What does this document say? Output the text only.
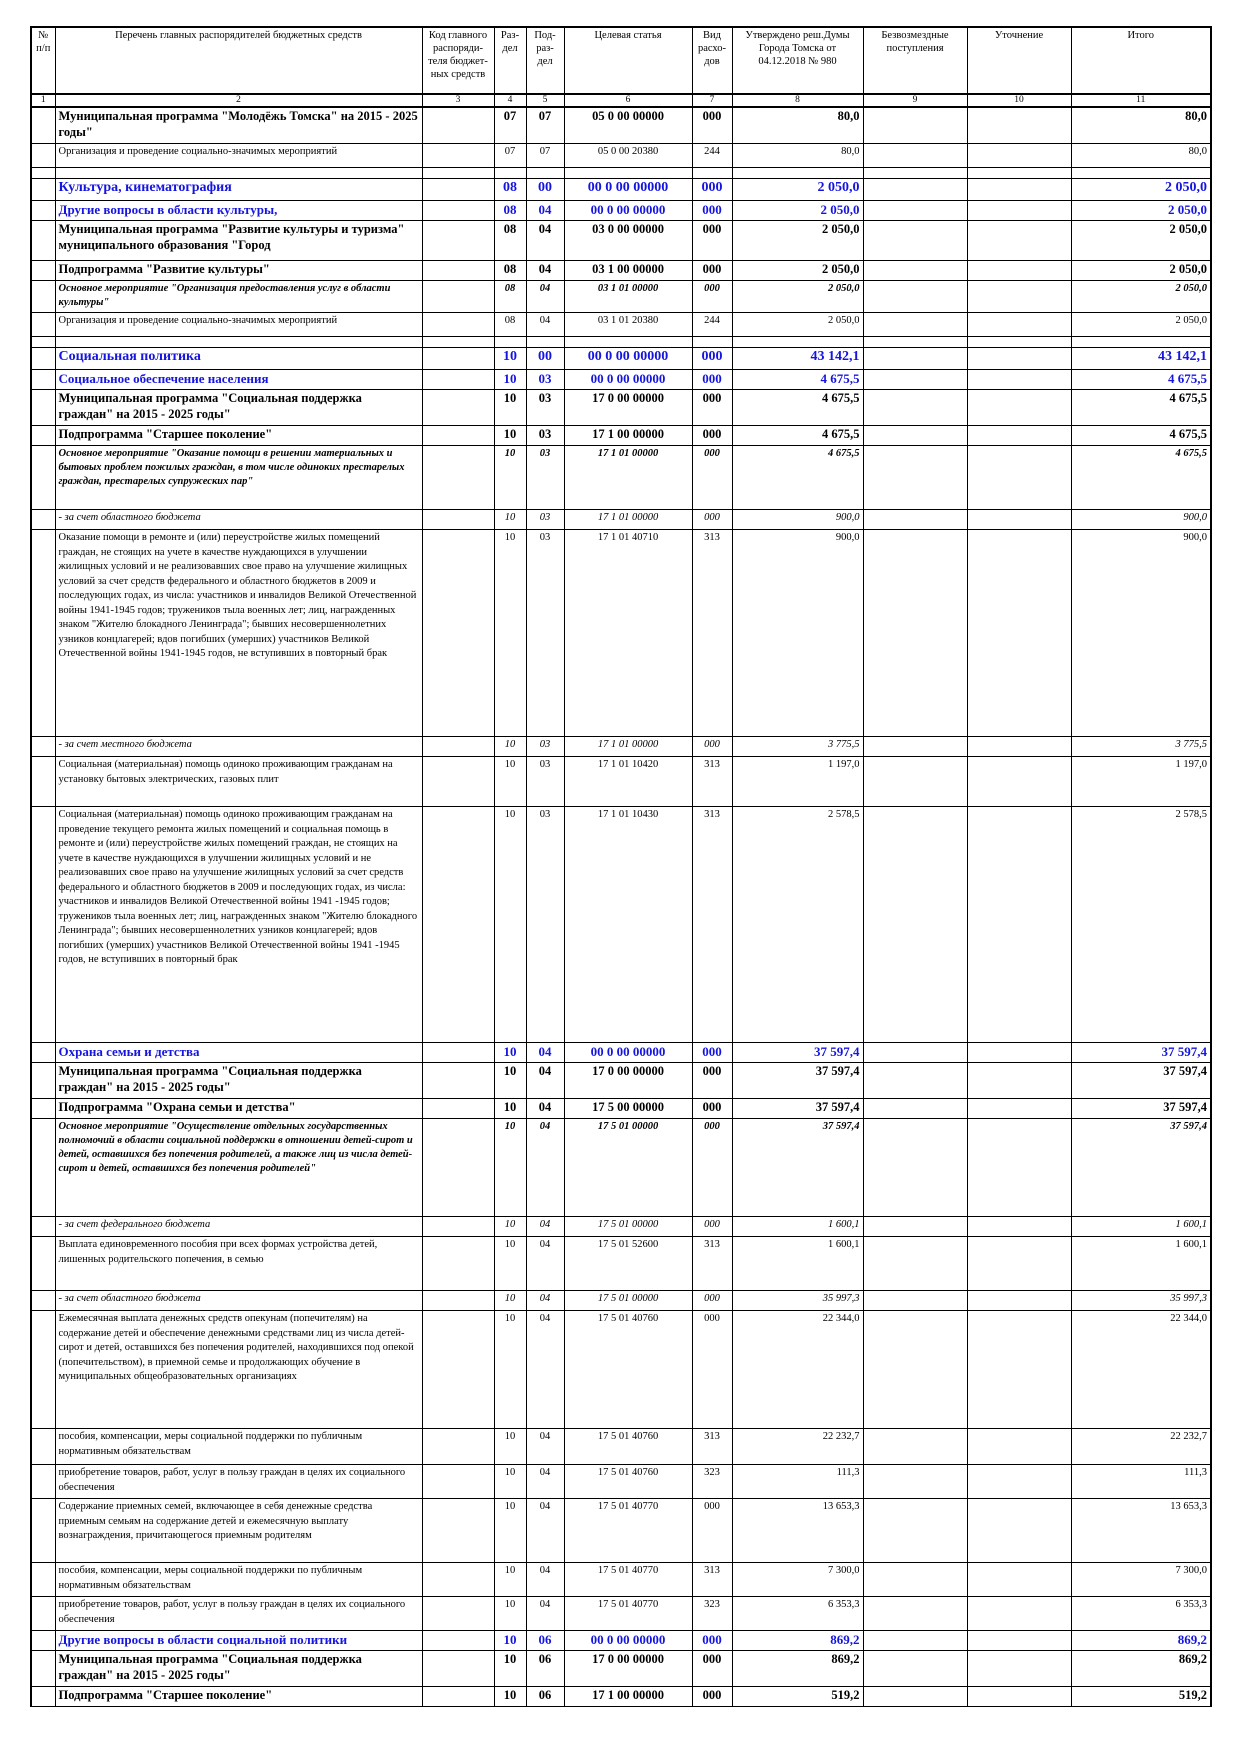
№ п/п	Перечень главных распорядителей бюджетных средств	Код главного распоряди-теля бюджет-ных средств	Раз-дел	Под-раз-дел	Целевая статья	Вид расхо-дов	Утверждено реш.Думы Города Томска от 04.12.2018 № 980	Безвозмездные поступления	Уточнение	Итого
1	2	3	4	5	6	7	8	9	10	11
	Муниципальная программа "Молодёжь Томска" на 2015 - 2025 годы"		07	07	05 0 00 00000	000	80,0			80,0
	Организация и проведение социально-значимых мероприятий		07	07	05 0 00 20380	244	80,0			80,0

	Культура, кинематография		08	00	00 0 00 00000	000	2 050,0			2 050,0
	Другие вопросы в области культуры,		08	04	00 0 00 00000	000	2 050,0			2 050,0
	Муниципальная программа "Развитие культуры и туризма" муниципального образования "Город		08	04	03 0 00 00000	000	2 050,0			2 050,0
	Подпрограмма "Развитие культуры"		08	04	03 1 00 00000	000	2 050,0			2 050,0
	Основное мероприятие "Организация предоставления услуг в области культуры"		08	04	03 1 01 00000	000	2 050,0			2 050,0
	Организация и проведение социально-значимых мероприятий		08	04	03 1 01 20380	244	2 050,0			2 050,0

	Социальная политика		10	00	00 0 00 00000	000	43 142,1			43 142,1
	Социальное обеспечение населения		10	03	00 0 00 00000	000	4 675,5			4 675,5
	Муниципальная программа "Социальная поддержка граждан" на 2015 - 2025 годы"		10	03	17 0 00 00000	000	4 675,5			4 675,5
	Подпрограмма "Старшее поколение"		10	03	17 1 00 00000	000	4 675,5			4 675,5
	Основное мероприятие "Оказание помощи в решении материальных и бытовых проблем пожилых граждан, в том числе одиноких престарелых граждан, престарелых супружеских пар"		10	03	17 1 01 00000	000	4 675,5			4 675,5
	- за счет областного бюджета		10	03	17 1 01 00000	000	900,0			900,0
	Оказание помощи в ремонте и (или) переустройстве жилых помещений граждан, не стоящих на учете в качестве нуждающихся в улучшении жилищных условий и не реализовавших свое право на улучшение жилищных условий за счет средств федерального и областного бюджетов в 2009 и последующих годах, из числа: участников и инвалидов Великой Отечественной войны 1941-1945 годов; тружеников тыла военных лет; лиц, награжденных знаком "Жителю блокадного Ленинграда"; бывших несовершеннолетних узников концлагерей; вдов погибших (умерших) участников Великой Отечественной войны 1941-1945 годов, не вступивших в повторный брак		10	03	17 1 01 40710	313	900,0			900,0
	- за счет местного бюджета		10	03	17 1 01 00000	000	3 775,5			3 775,5
	Социальная (материальная) помощь одиноко проживающим гражданам на установку бытовых электрических, газовых плит		10	03	17 1 01 10420	313	1 197,0			1 197,0
	Социальная (материальная) помощь одиноко проживающим гражданам на проведение текущего ремонта жилых помещений и социальная помощь в ремонте и (или) переустройстве жилых помещений граждан, не стоящих на учете в качестве нуждающихся в улучшении жилищных условий и не реализовавших свое право на улучшение жилищных условий за счет средств федерального и областного бюджетов в 2009 и последующих годах, из числа: участников и инвалидов Великой Отечественной войны 1941 -1945 годов; тружеников тыла военных лет; лиц, награжденных знаком "Жителю блокадного Ленинграда"; бывших несовершеннолетних узников концлагерей; вдов погибших (умерших) участников Великой Отечественной войны 1941 -1945 годов, не вступивших в повторный брак		10	03	17 1 01 10430	313	2 578,5			2 578,5
	Охрана семьи и детства		10	04	00 0 00 00000	000	37 597,4			37 597,4
	Муниципальная программа "Социальная поддержка граждан" на 2015 - 2025 годы"		10	04	17 0 00 00000	000	37 597,4			37 597,4
	Подпрограмма "Охрана семьи и детства"		10	04	17 5 00 00000	000	37 597,4			37 597,4
	Основное мероприятие "Осуществление отдельных государственных полномочий в области социальной поддержки в отношении детей-сирот и детей, оставшихся без попечения родителей, а также лиц из числа детей-сирот и детей, оставшихся без попечения родителей"		10	04	17 5 01 00000	000	37 597,4			37 597,4
	- за счет федерального бюджета		10	04	17 5 01 00000	000	1 600,1			1 600,1
	Выплата единовременного пособия при всех формах устройства детей, лишенных родительского попечения, в семью		10	04	17 5 01 52600	313	1 600,1			1 600,1
	- за счет областного бюджета		10	04	17 5 01 00000	000	35 997,3			35 997,3
	Ежемесячная выплата денежных средств опекунам (попечителям) на содержание детей и обеспечение денежными средствами лиц из числа детей-сирот и детей, оставшихся без попечения родителей, находившихся под опекой (попечительством), в приемной семье и продолжающих обучение в муниципальных общеобразовательных организациях		10	04	17 5 01 40760	000	22 344,0			22 344,0
	пособия, компенсации, меры социальной поддержки по публичным нормативным обязательствам		10	04	17 5 01 40760	313	22 232,7			22 232,7
	приобретение товаров, работ, услуг в пользу граждан в целях их социального обеспечения		10	04	17 5 01 40760	323	111,3			111,3
	Содержание приемных семей, включающее в себя денежные средства приемным семьям на содержание детей и ежемесячную выплату вознаграждения, причитающегося приемным родителям		10	04	17 5 01 40770	000	13 653,3			13 653,3
	пособия, компенсации, меры социальной поддержки по публичным нормативным обязательствам		10	04	17 5 01 40770	313	7 300,0			7 300,0
	приобретение товаров, работ, услуг в пользу граждан в целях их социального обеспечения		10	04	17 5 01 40770	323	6 353,3			6 353,3
	Другие вопросы в области социальной политики		10	06	00 0 00 00000	000	869,2			869,2
	Муниципальная программа "Социальная поддержка граждан" на 2015 - 2025 годы"		10	06	17 0 00 00000	000	869,2			869,2
	Подпрограмма "Старшее поколение"		10	06	17 1 00 00000	000	519,2			519,2
